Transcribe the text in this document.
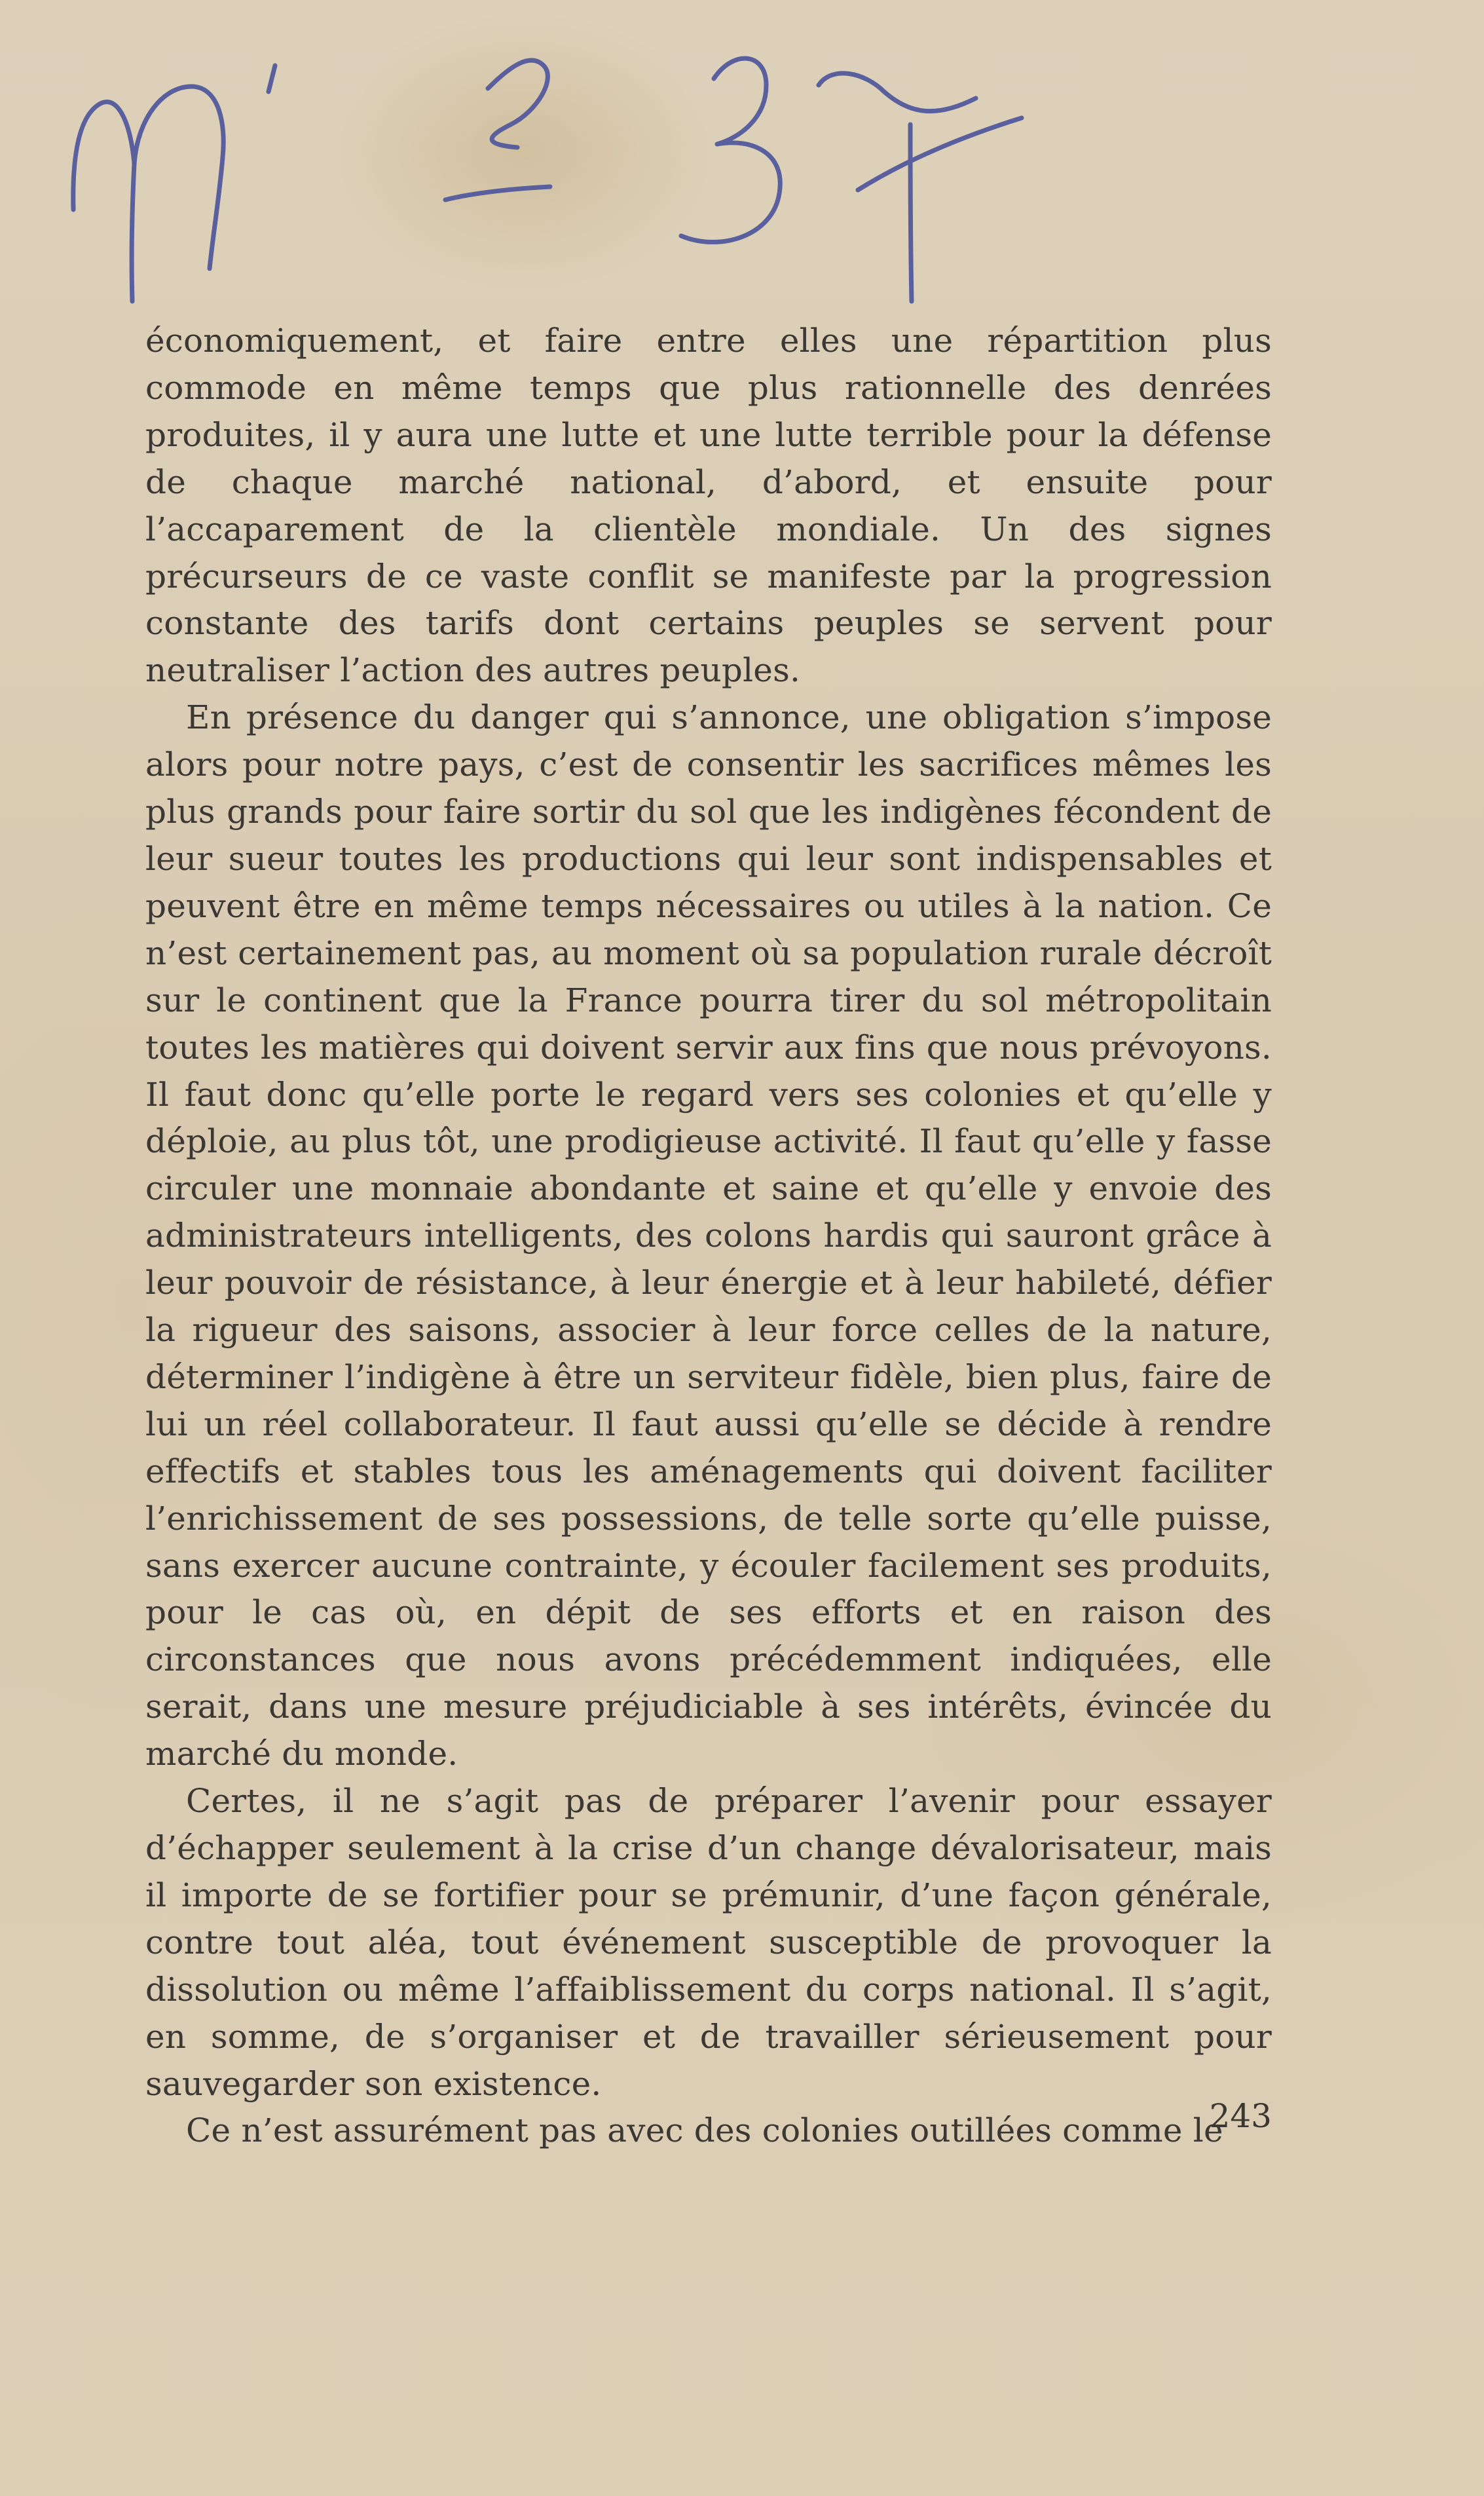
économiquement, et faire entre elles une répartition plus commode en même temps que plus rationnelle des denrées produites, il y aura une lutte et une lutte terrible pour la défense de chaque marché national, d’abord, et ensuite pour l’accaparement de la clientèle mondiale. Un des signes précurseurs de ce vaste conflit se manifeste par la progression constante des tarifs dont certains peuples se servent pour neutraliser l’action des autres peuples.

En présence du danger qui s’annonce, une obligation s’impose alors pour notre pays, c’est de consentir les sacrifices mêmes les plus grands pour faire sortir du sol que les indigènes fécondent de leur sueur toutes les productions qui leur sont indispensables et peuvent être en même temps nécessaires ou utiles à la nation. Ce n’est certainement pas, au moment où sa population rurale décroît sur le continent que la France pourra tirer du sol métropolitain toutes les matières qui doivent servir aux fins que nous prévoyons. Il faut donc qu’elle porte le regard vers ses colonies et qu’elle y déploie, au plus tôt, une prodigieuse activité. Il faut qu’elle y fasse circuler une monnaie abondante et saine et qu’elle y envoie des administrateurs intelligents, des colons hardis qui sauront grâce à leur pouvoir de résistance, à leur énergie et à leur habileté, défier la rigueur des saisons, associer à leur force celles de la nature, déterminer l’indigène à être un serviteur fidèle, bien plus, faire de lui un réel collaborateur. Il faut aussi qu’elle se décide à rendre effectifs et stables tous les aménagements qui doivent faciliter l’enrichissement de ses possessions, de telle sorte qu’elle puisse, sans exercer aucune contrainte, y écouler facilement ses produits, pour le cas où, en dépit de ses efforts et en raison des circonstances que nous avons précédemment indiquées, elle serait, dans une mesure préjudiciable à ses intérêts, évincée du marché du monde.

Certes, il ne s’agit pas de préparer l’avenir pour essayer d’échapper seulement à la crise d’un change dévalorisateur, mais il importe de se fortifier pour se prémunir, d’une façon générale, contre tout aléa, tout événement susceptible de provoquer la dissolution ou même l’affaiblissement du corps national. Il s’agit, en somme, de s’organiser et de travailler sérieusement pour sauvegarder son existence.

Ce n’est assurément pas avec des colonies outillées comme le

243
